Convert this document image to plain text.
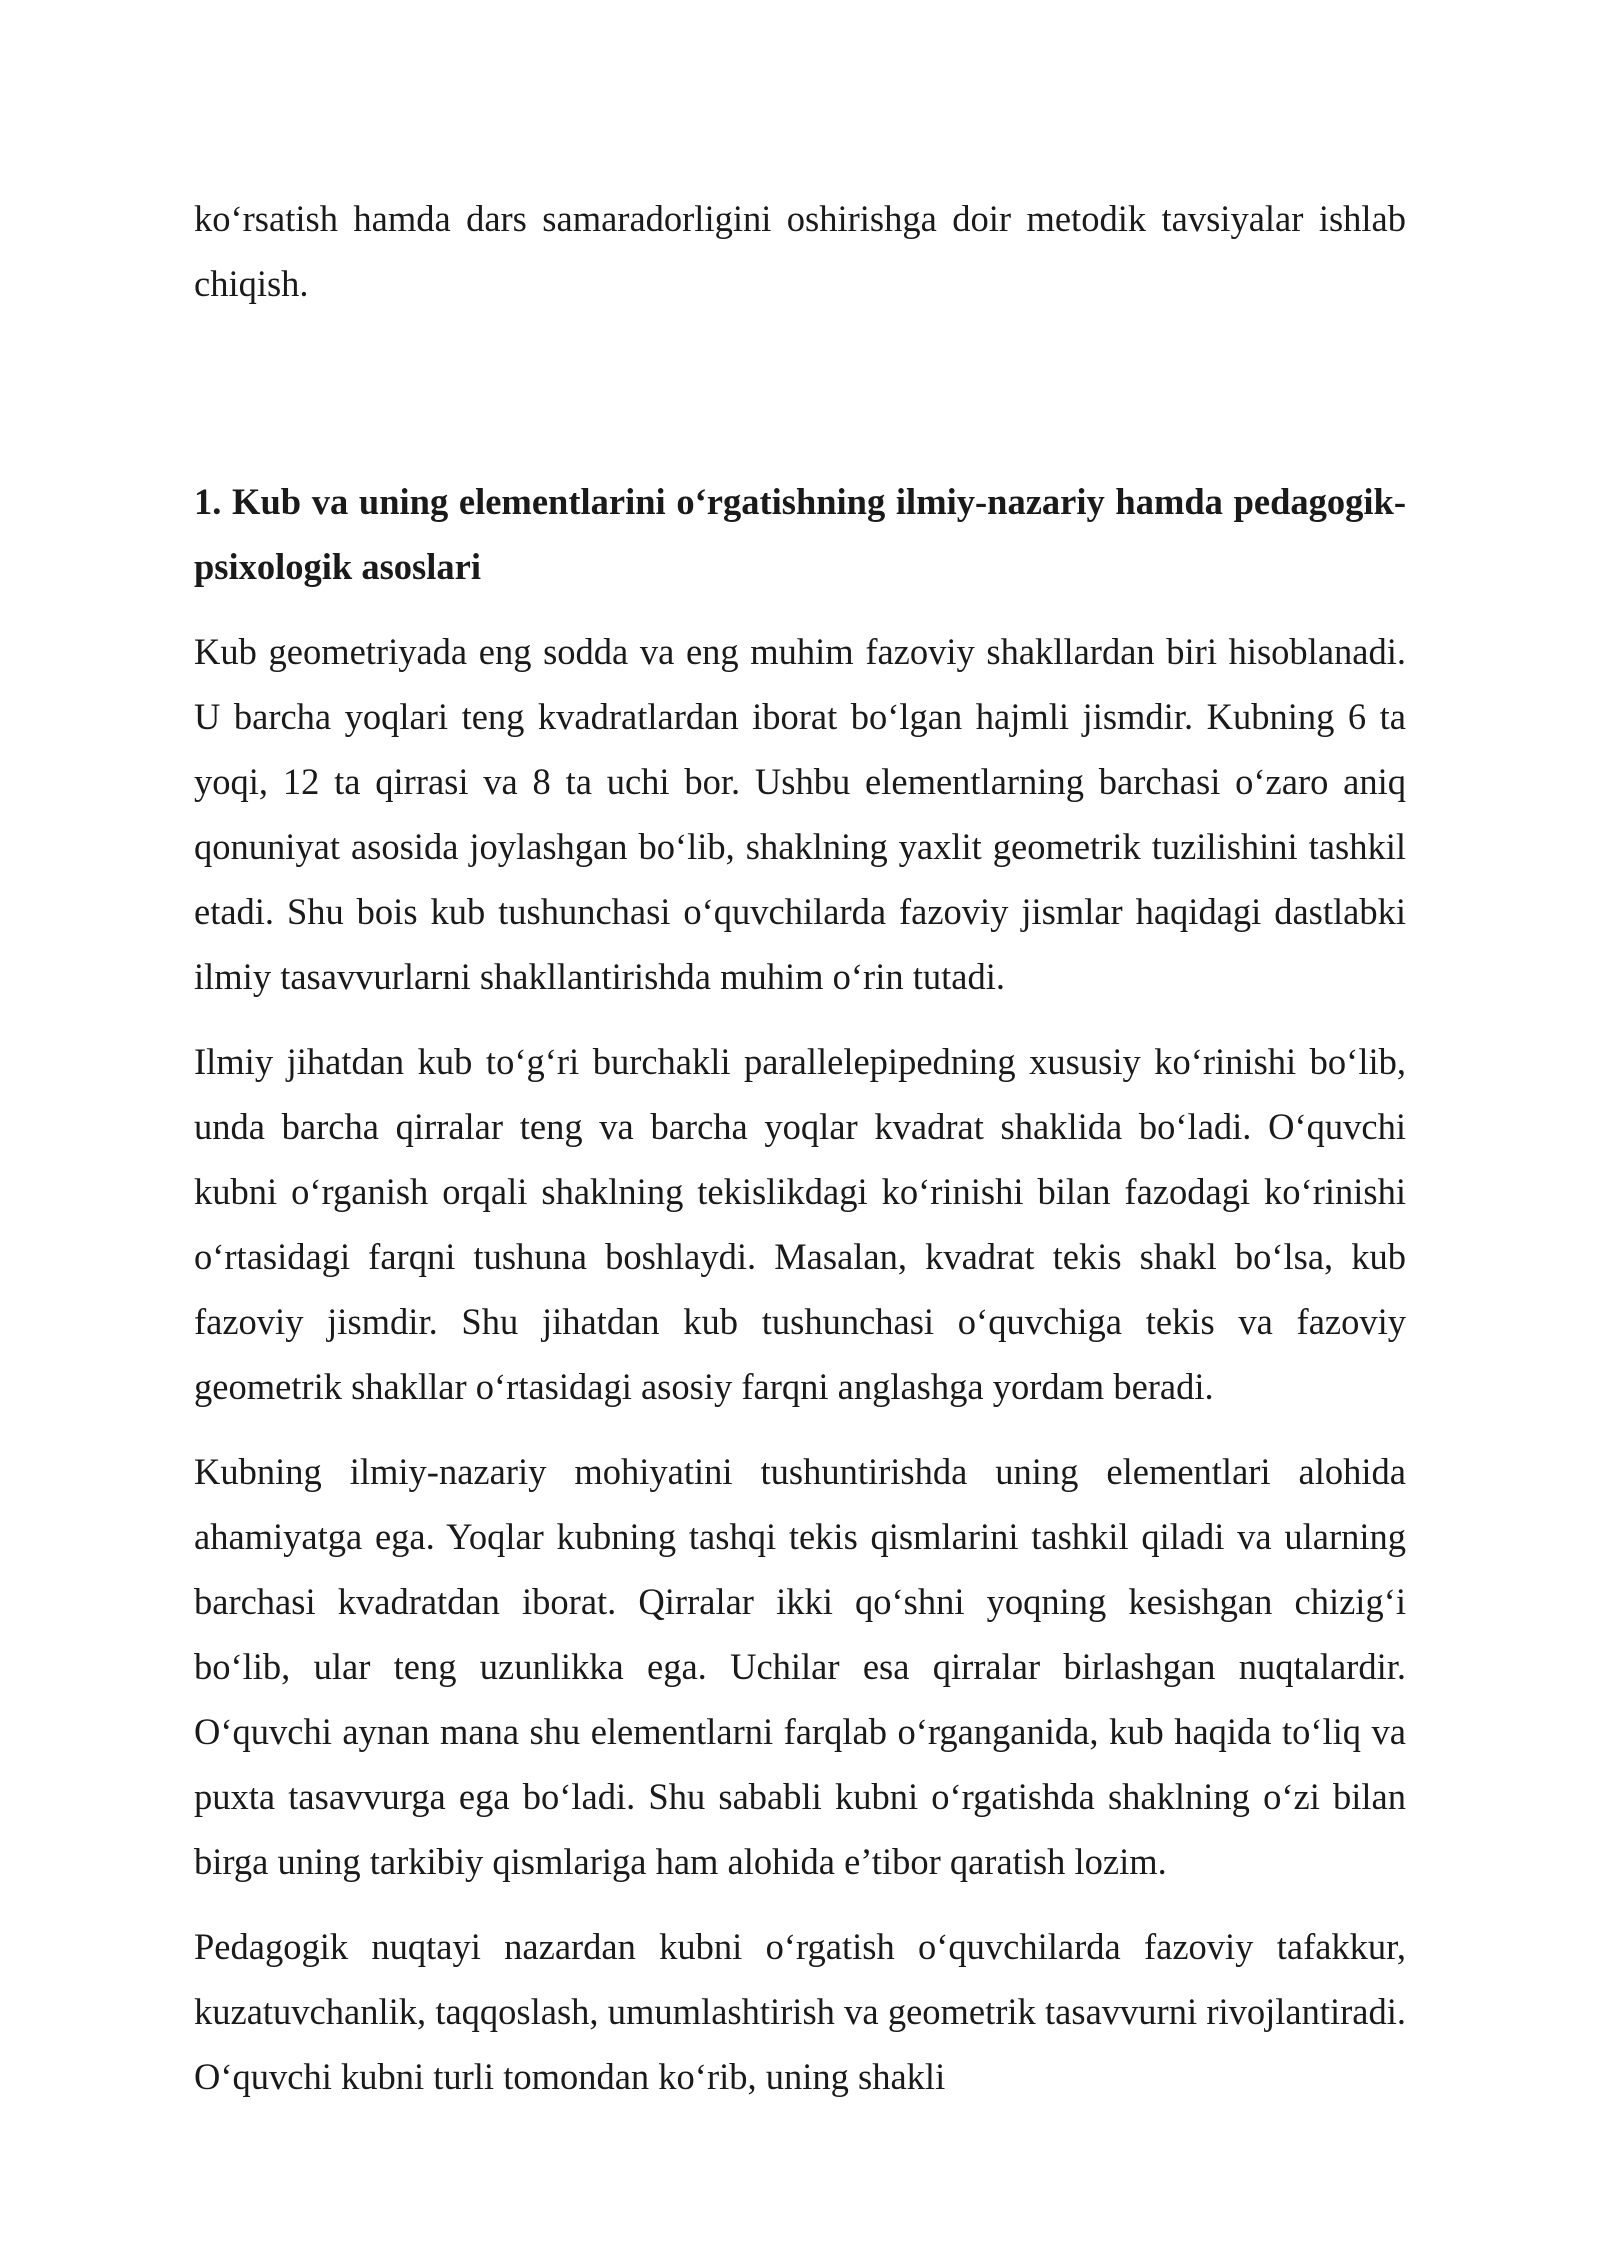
ko‘rsatish hamda dars samaradorligini oshirishga doir metodik tavsiyalar ishlab chiqish.

1. Kub va uning elementlarini o‘rgatishning ilmiy-nazariy hamda pedagogik-psixologik asoslari

Kub geometriyada eng sodda va eng muhim fazoviy shakllardan biri hisoblanadi. U barcha yoqlari teng kvadratlardan iborat bo‘lgan hajmli jismdir. Kubning 6 ta yoqi, 12 ta qirrasi va 8 ta uchi bor. Ushbu elementlarning barchasi o‘zaro aniq qonuniyat asosida joylashgan bo‘lib, shaklning yaxlit geometrik tuzilishini tashkil etadi. Shu bois kub tushunchasi o‘quvchilarda fazoviy jismlar haqidagi dastlabki ilmiy tasavvurlarni shakllantirishda muhim o‘rin tutadi.

Ilmiy jihatdan kub to‘g‘ri burchakli parallelepipedning xususiy ko‘rinishi bo‘lib, unda barcha qirralar teng va barcha yoqlar kvadrat shaklida bo‘ladi. O‘quvchi kubni o‘rganish orqali shaklning tekislikdagi ko‘rinishi bilan fazodagi ko‘rinishi o‘rtasidagi farqni tushuna boshlaydi. Masalan, kvadrat tekis shakl bo‘lsa, kub fazoviy jismdir. Shu jihatdan kub tushunchasi o‘quvchiga tekis va fazoviy geometrik shakllar o‘rtasidagi asosiy farqni anglashga yordam beradi.

Kubning ilmiy-nazariy mohiyatini tushuntirishda uning elementlari alohida ahamiyatga ega. Yoqlar kubning tashqi tekis qismlarini tashkil qiladi va ularning barchasi kvadratdan iborat. Qirralar ikki qo‘shni yoqning kesishgan chizig‘i bo‘lib, ular teng uzunlikka ega. Uchilar esa qirralar birlashgan nuqtalardir. O‘quvchi aynan mana shu elementlarni farqlab o‘rganganida, kub haqida to‘liq va puxta tasavvurga ega bo‘ladi. Shu sababli kubni o‘rgatishda shaklning o‘zi bilan birga uning tarkibiy qismlariga ham alohida e’tibor qaratish lozim.

Pedagogik nuqtayi nazardan kubni o‘rgatish o‘quvchilarda fazoviy tafakkur, kuzatuvchanlik, taqqoslash, umumlashtirish va geometrik tasavvurni rivojlantiradi. O‘quvchi kubni turli tomondan ko‘rib, uning shakli
